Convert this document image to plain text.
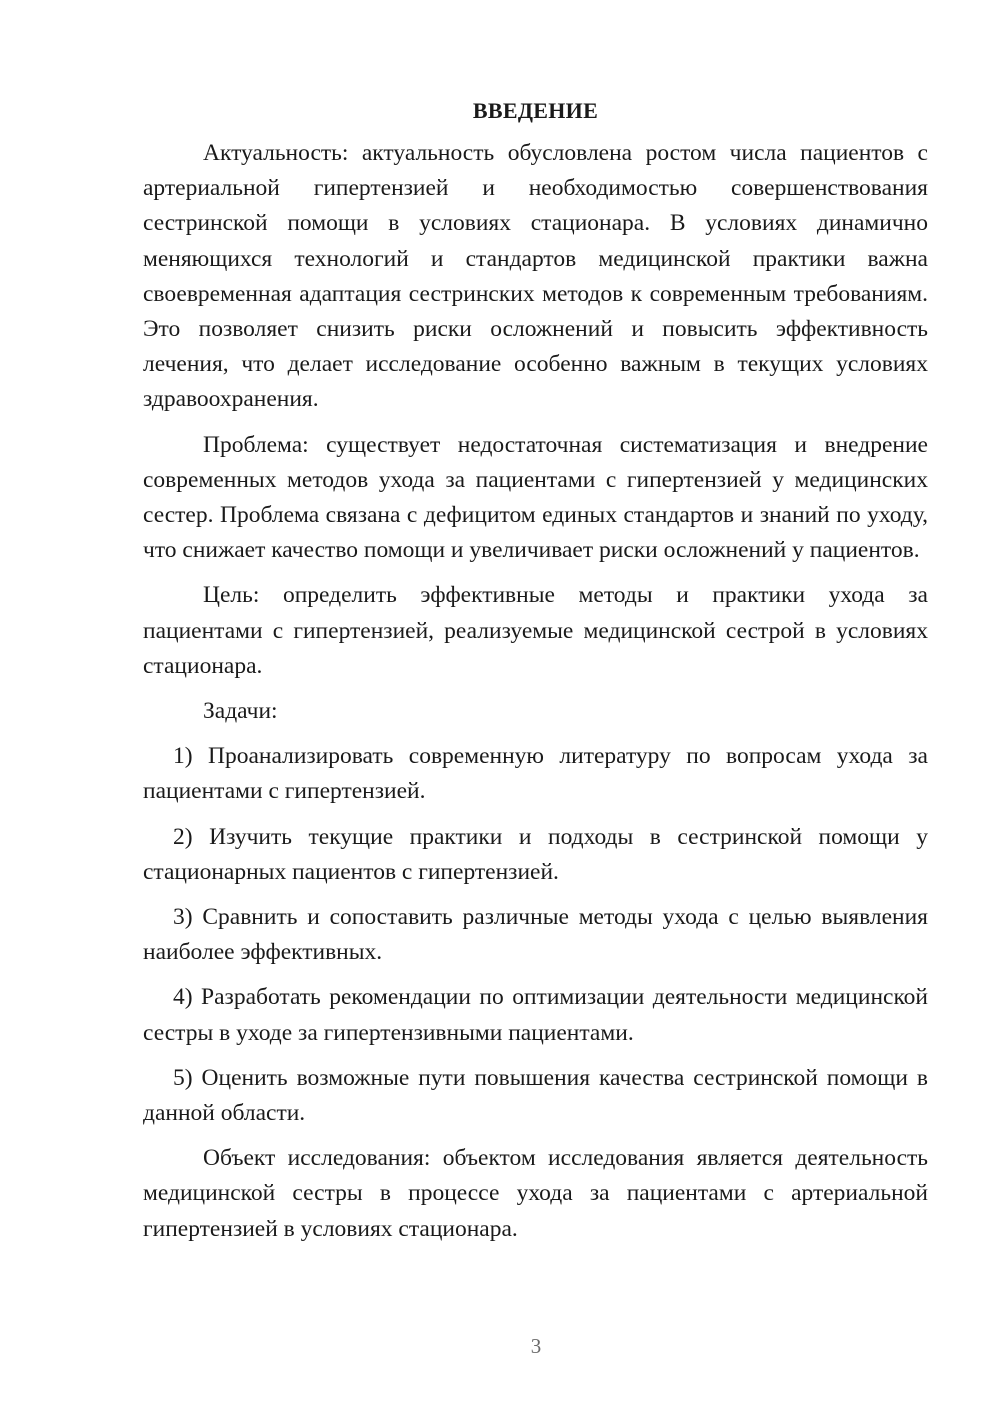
ВВЕДЕНИЕ

Актуальность: актуальность обусловлена ростом числа пациентов с артериальной гипертензией и необходимостью совершенствования сестринской помощи в условиях стационара. В условиях динамично меняющихся технологий и стандартов медицинской практики важна своевременная адаптация сестринских методов к современным требованиям. Это позволяет снизить риски осложнений и повысить эффективность лечения, что делает исследование особенно важным в текущих условиях здравоохранения.

Проблема: существует недостаточная систематизация и внедрение современных методов ухода за пациентами с гипертензией у медицинских сестер. Проблема связана с дефицитом единых стандартов и знаний по уходу, что снижает качество помощи и увеличивает риски осложнений у пациентов.

Цель: определить эффективные методы и практики ухода за пациентами с гипертензией, реализуемые медицинской сестрой в условиях стационара.

Задачи:

1) Проанализировать современную литературу по вопросам ухода за пациентами с гипертензией.

2) Изучить текущие практики и подходы в сестринской помощи у стационарных пациентов с гипертензией.

3) Сравнить и сопоставить различные методы ухода с целью выявления наиболее эффективных.

4) Разработать рекомендации по оптимизации деятельности медицинской сестры в уходе за гипертензивными пациентами.

5) Оценить возможные пути повышения качества сестринской помощи в данной области.

Объект исследования: объектом исследования является деятельность медицинской сестры в процессе ухода за пациентами с артериальной гипертензией в условиях стационара.

3
